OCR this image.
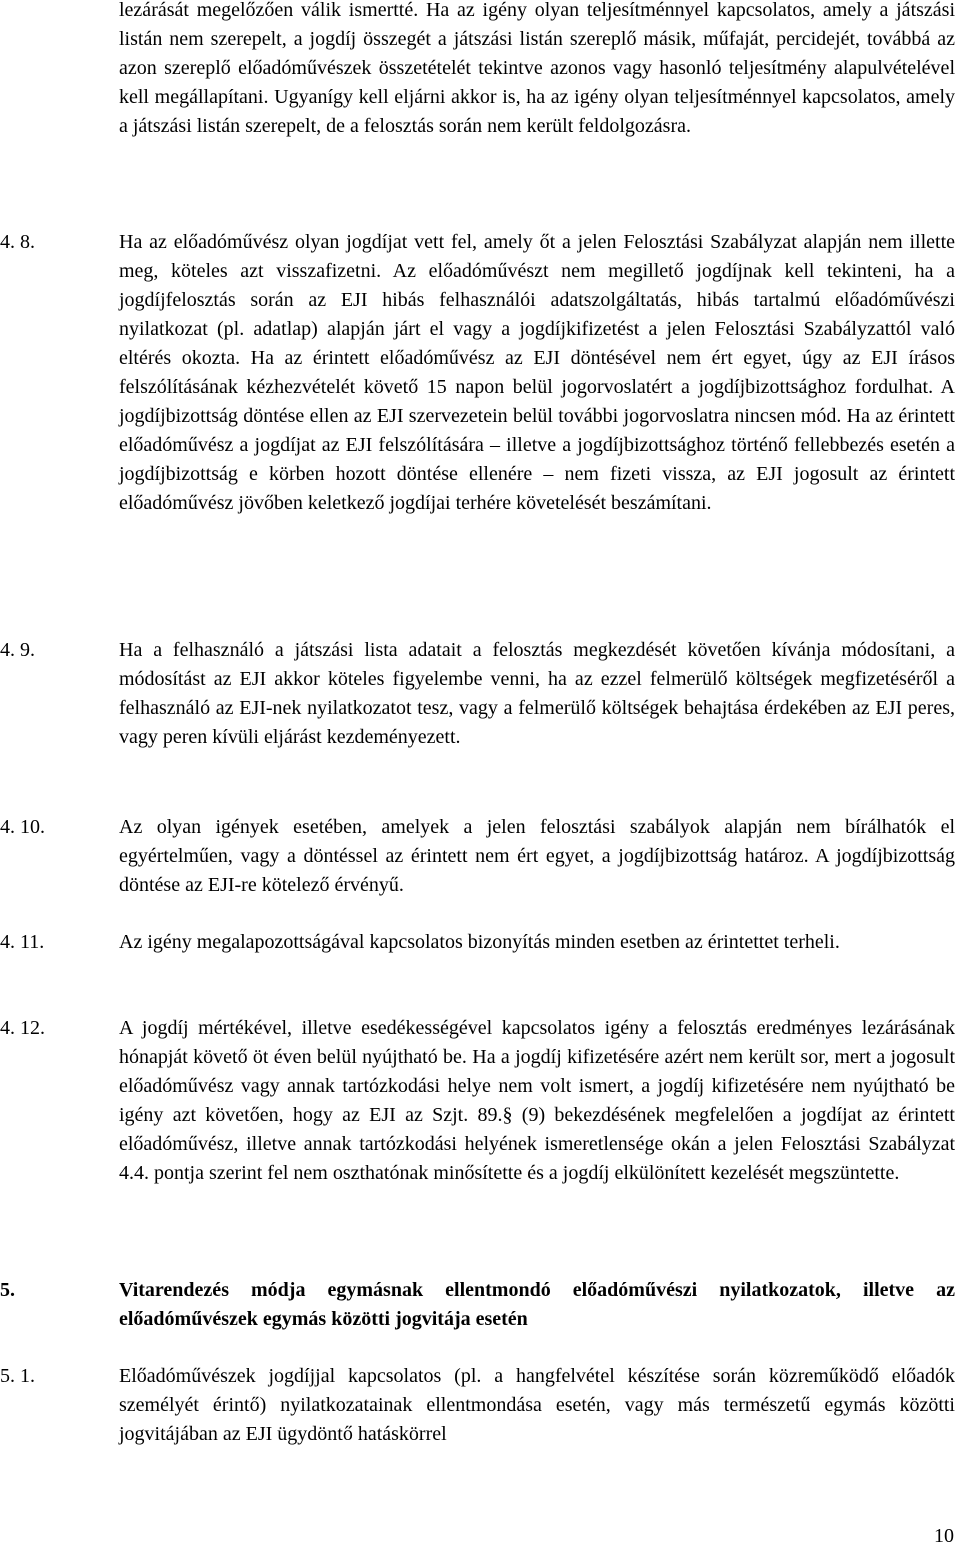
lezárását megelőzően válik ismertté. Ha az igény olyan teljesítménnyel kapcsolatos, amely a játszási listán nem szerepelt, a jogdíj összegét a játszási listán szereplő másik, műfaját, percidejét, továbbá az azon szereplő előadóművészek összetételét tekintve azonos vagy hasonló teljesítmény alapulvételével kell megállapítani. Ugyanígy kell eljárni akkor is, ha az igény olyan teljesítménnyel kapcsolatos, amely a játszási listán szerepelt, de a felosztás során nem került feldolgozásra.

4. 8.	Ha az előadóművész olyan jogdíjat vett fel, amely őt a jelen Felosztási Szabályzat alapján nem illette meg, köteles azt visszafizetni. Az előadóművészt nem megillető jogdíjnak kell tekinteni, ha a jogdíjfelosztás során az EJI hibás felhasználói adatszolgáltatás, hibás tartalmú előadóművészi nyilatkozat (pl. adatlap) alapján járt el vagy a jogdíjkifizetést a jelen Felosztási Szabályzattól való eltérés okozta. Ha az érintett előadóművész az EJI döntésével nem ért egyet, úgy az EJI írásos felszólításának kézhezvételét követő 15 napon belül jogorvoslatért a jogdíjbizottsághoz fordulhat. A jogdíjbizottság döntése ellen az EJI szervezetein belül további jogorvoslatra nincsen mód. Ha az érintett előadóművész a jogdíjat az EJI felszólítására – illetve a jogdíjbizottsághoz történő fellebbezés esetén a jogdíjbizottság e körben hozott döntése ellenére – nem fizeti vissza, az EJI jogosult az érintett előadóművész jövőben keletkező jogdíjai terhére követelését beszámítani.

4. 9.	Ha a felhasználó a játszási lista adatait a felosztás megkezdését követően kívánja módosítani, a módosítást az EJI akkor köteles figyelembe venni, ha az ezzel felmerülő költségek megfizetéséről a felhasználó az EJI-nek nyilatkozatot tesz, vagy a felmerülő költségek behajtása érdekében az EJI peres, vagy peren kívüli eljárást kezdeményezett.

4. 10.	Az olyan igények esetében, amelyek a jelen felosztási szabályok alapján nem bírálhatók el egyértelműen, vagy a döntéssel az érintett nem ért egyet, a jogdíjbizottság határoz. A jogdíjbizottság döntése az EJI-re kötelező érvényű.

4. 11.	Az igény megalapozottságával kapcsolatos bizonyítás minden esetben az érintettet terheli.

4. 12.	A jogdíj mértékével, illetve esedékességével kapcsolatos igény a felosztás eredményes lezárásának hónapját követő öt éven belül nyújtható be. Ha a jogdíj kifizetésére azért nem került sor, mert a jogosult előadóművész vagy annak tartózkodási helye nem volt ismert, a jogdíj kifizetésére nem nyújtható be igény azt követően, hogy az EJI az Szjt. 89.§ (9) bekezdésének megfelelően a jogdíjat az érintett előadóművész, illetve annak tartózkodási helyének ismeretlensége okán a jelen Felosztási Szabályzat 4.4. pontja szerint fel nem oszthatónak minősítette és a jogdíj elkülönített kezelését megszüntette.

5.	Vitarendezés módja egymásnak ellentmondó előadóművészi nyilatkozatok, illetve az előadóművészek egymás közötti jogvitája esetén

5. 1.	Előadóművészek jogdíjjal kapcsolatos (pl. a hangfelvétel készítése során közreműködő előadók személyét érintő) nyilatkozatainak ellentmondása esetén, vagy más természetű egymás közötti jogvitájában az EJI ügydöntő hatáskörrel

10
